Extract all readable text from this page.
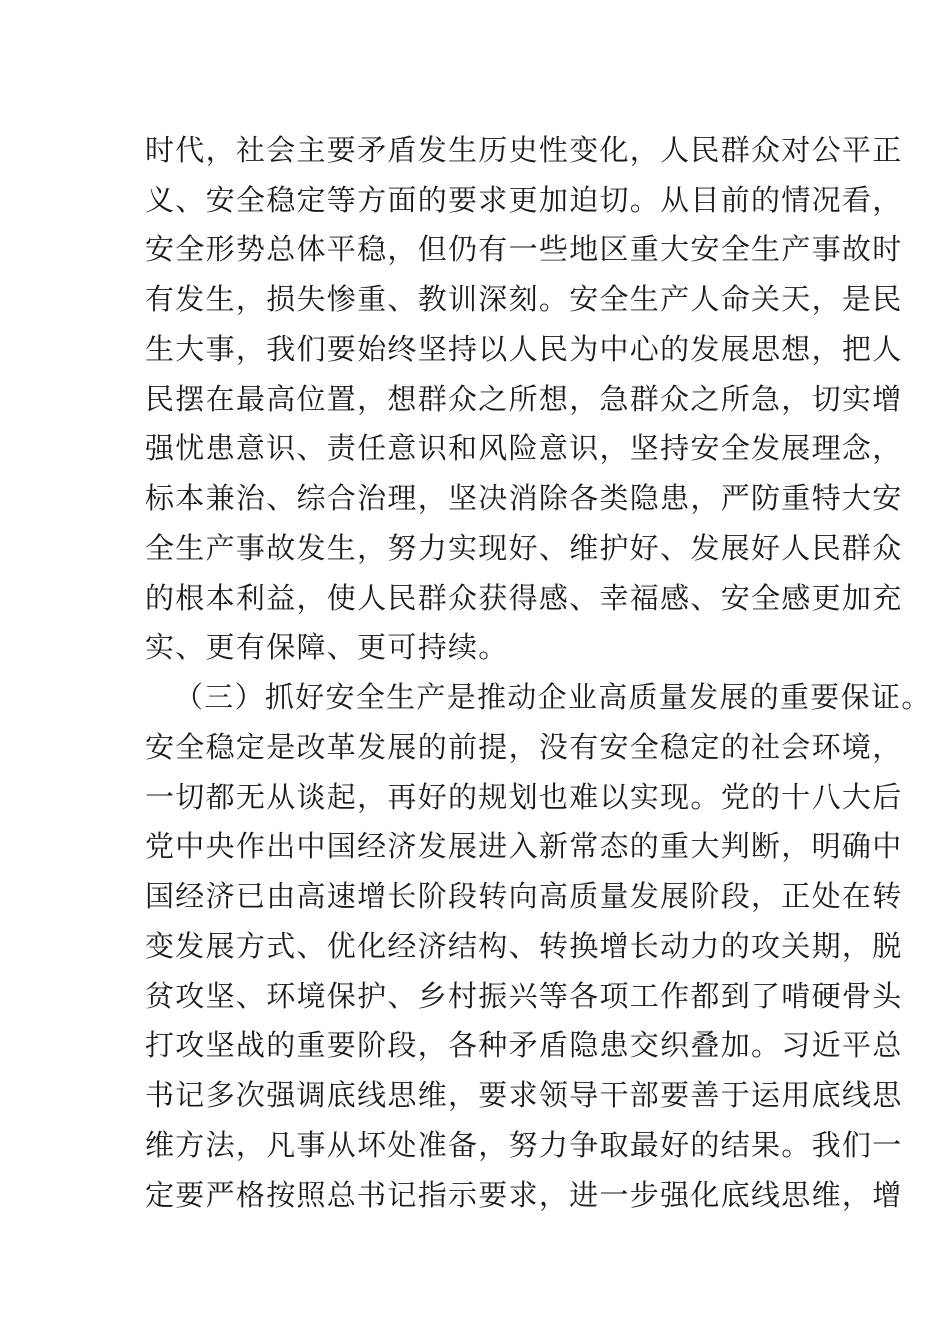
时代，社会主要矛盾发生历史性变化，人民群众对公平正
义、安全稳定等方面的要求更加迫切。从目前的情况看，
安全形势总体平稳，但仍有一些地区重大安全生产事故时
有发生，损失惨重、教训深刻。安全生产人命关天，是民
生大事，我们要始终坚持以人民为中心的发展思想，把人
民摆在最高位置，想群众之所想，急群众之所急，切实增
强忧患意识、责任意识和风险意识，坚持安全发展理念，
标本兼治、综合治理，坚决消除各类隐患，严防重特大安
全生产事故发生，努力实现好、维护好、发展好人民群众
的根本利益，使人民群众获得感、幸福感、安全感更加充
实、更有保障、更可持续。
（三）抓好安全生产是推动企业高质量发展的重要保证。
安全稳定是改革发展的前提，没有安全稳定的社会环境，
一切都无从谈起，再好的规划也难以实现。党的十八大后
党中央作出中国经济发展进入新常态的重大判断，明确中
国经济已由高速增长阶段转向高质量发展阶段，正处在转
变发展方式、优化经济结构、转换增长动力的攻关期，脱
贫攻坚、环境保护、乡村振兴等各项工作都到了啃硬骨头
打攻坚战的重要阶段，各种矛盾隐患交织叠加。习近平总
书记多次强调底线思维，要求领导干部要善于运用底线思
维方法，凡事从坏处准备，努力争取最好的结果。我们一
定要严格按照总书记指示要求，进一步强化底线思维，增
